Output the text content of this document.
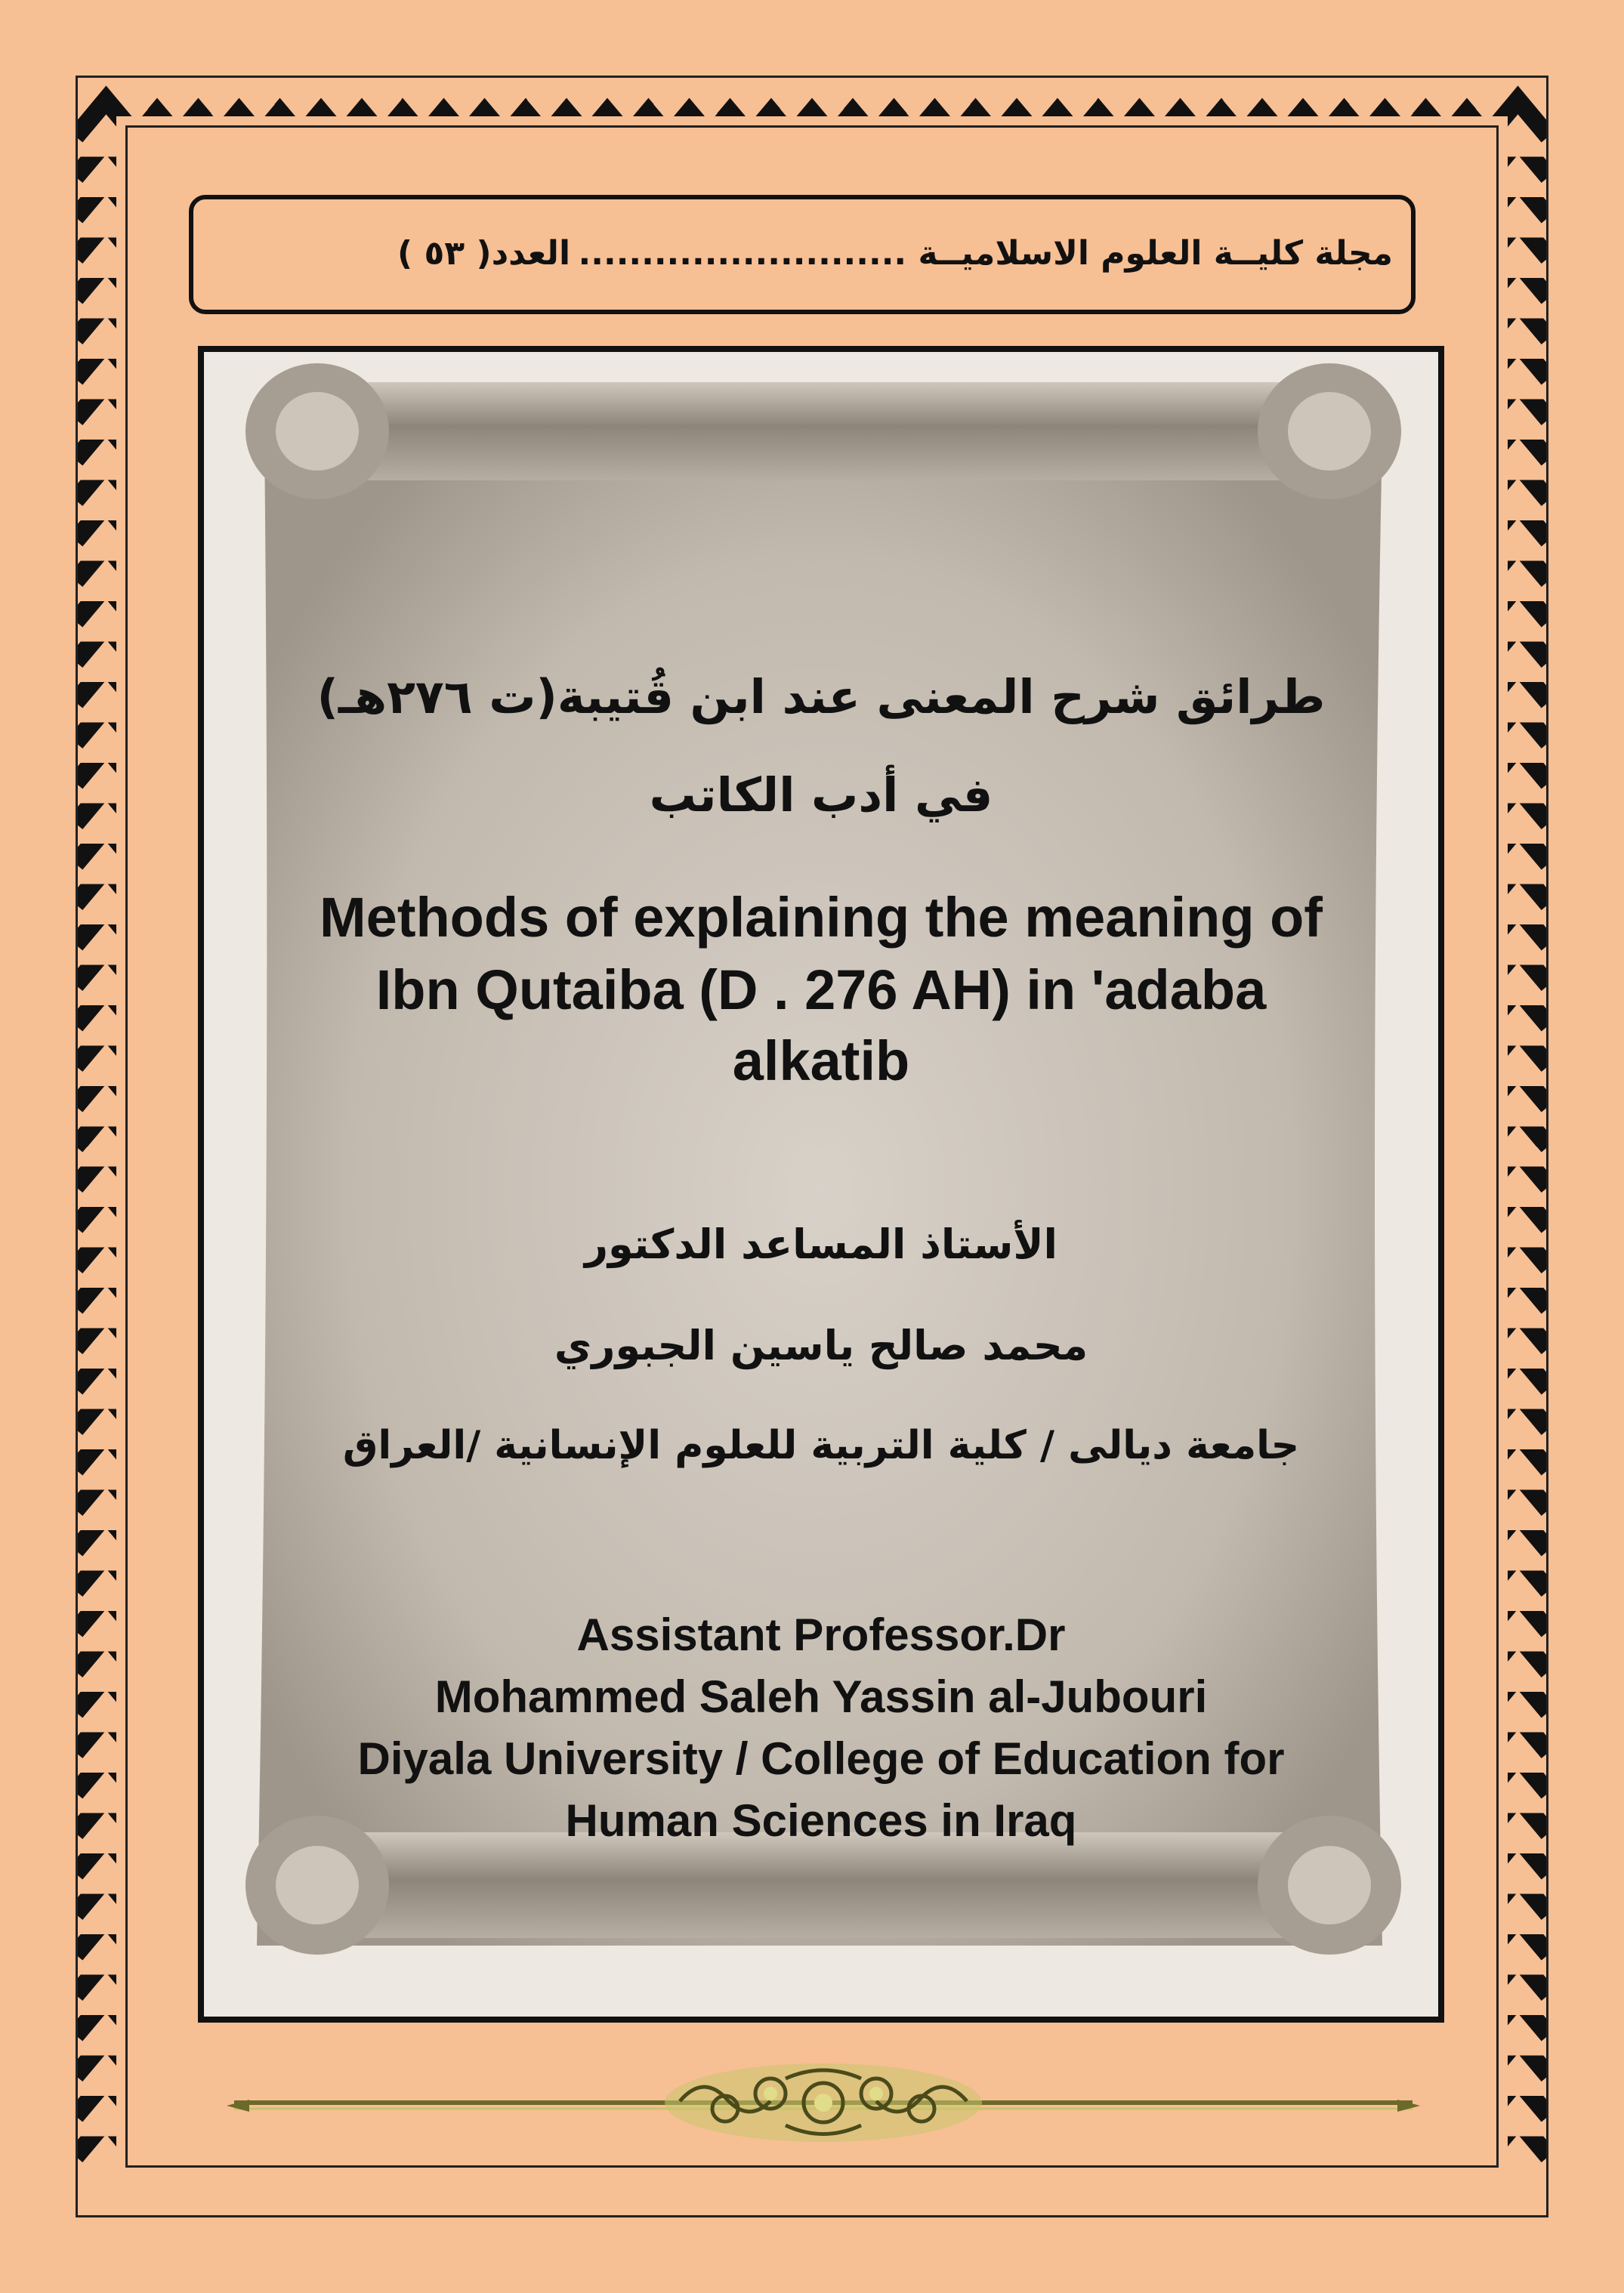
مجلة كليــة العلوم الاسلاميــة ..........................
العدد( ٥٣ )
طرائق شرح المعنى عند ابن قُتيبة(ت ٢٧٦هـ)
في أدب الكاتب
Methods of explaining the meaning of
Ibn Qutaiba (D . 276 AH) in 'adaba
alkatib
الأستاذ المساعد الدكتور
محمد صالح ياسين الجبوري
جامعة ديالى / كلية التربية للعلوم الإنسانية /العراق
Assistant Professor.Dr
Mohammed Saleh Yassin al-Jubouri
Diyala University / College of Education for
Human Sciences in Iraq
